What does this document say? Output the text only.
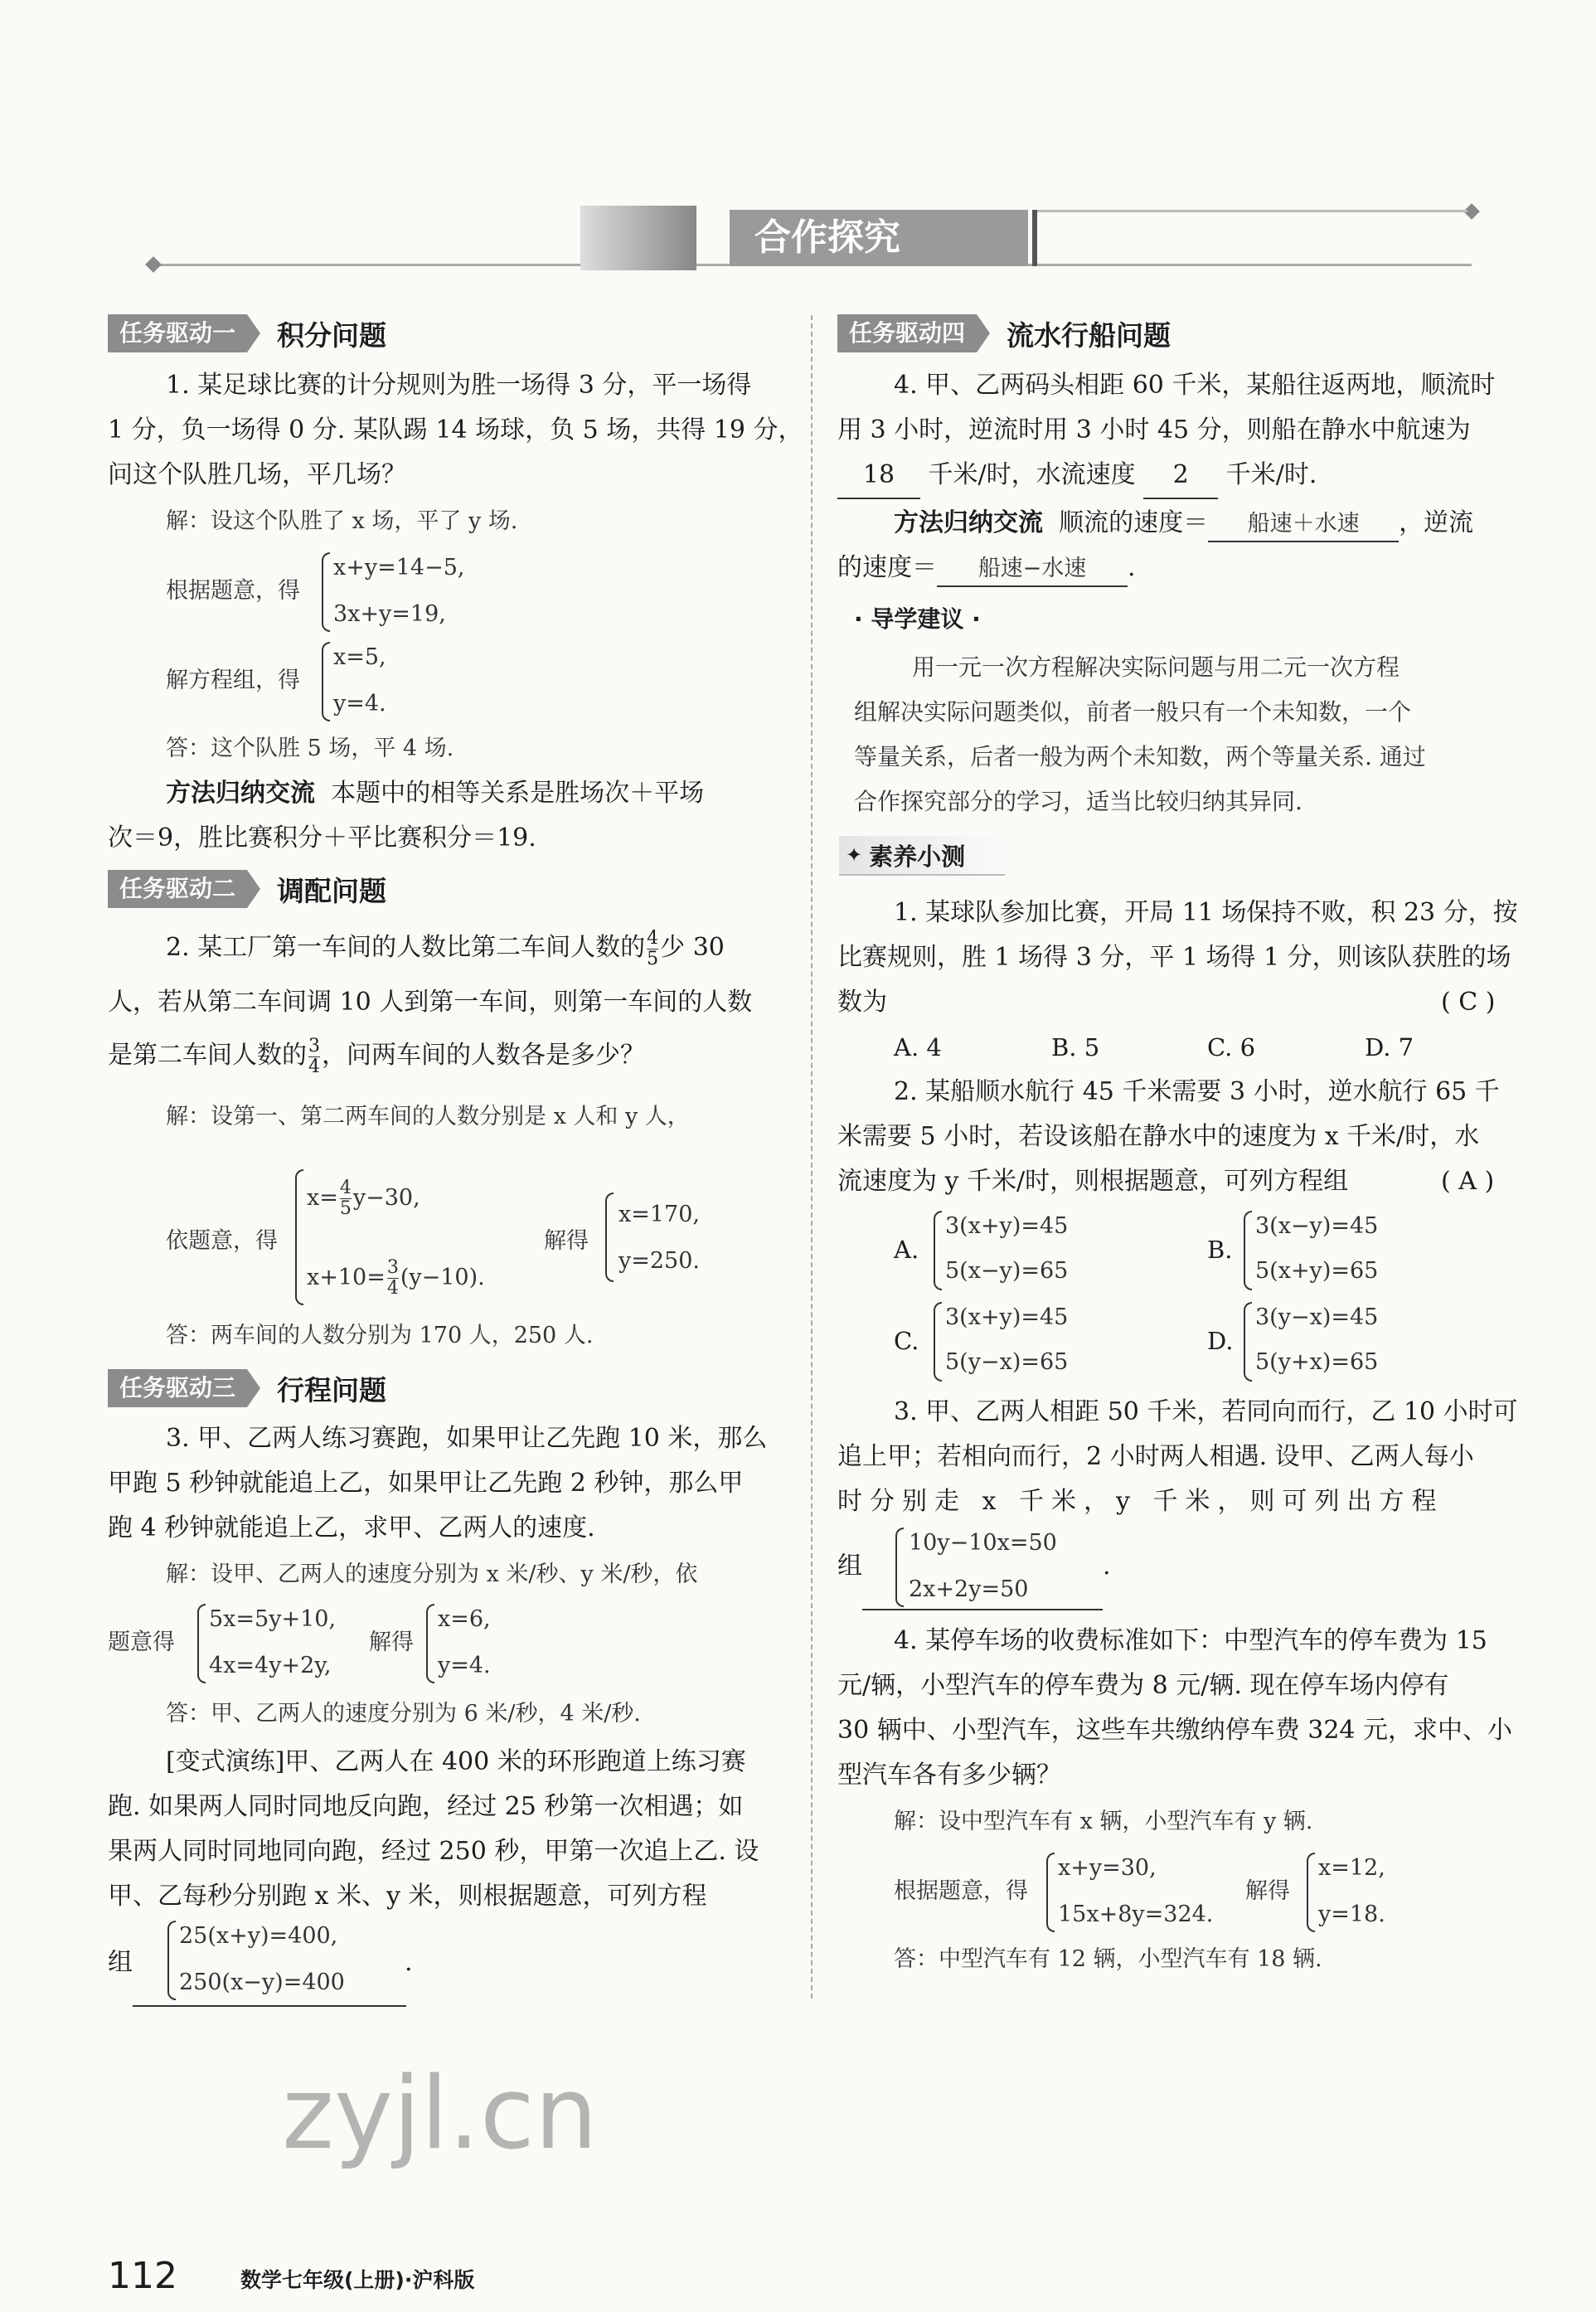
合作探究
任务驱动一	积分问题
1. 某足球比赛的计分规则为胜一场得 3 分，平一场得
1 分，负一场得 0 分. 某队踢 14 场球，负 5 场，共得 19 分，
问这个队胜几场，平几场？
解：设这个队胜了 x 场，平了 y 场.
根据题意，得
x+y=14−5,
3x+y=19,
解方程组，得
x=5,
y=4.
答：这个队胜 5 场，平 4 场.
方法归纳交流 本题中的相等关系是胜场次＋平场
次＝9，胜比赛积分＋平比赛积分＝19.
任务驱动二	调配问题
2. 某工厂第一车间的人数比第二车间人数的 $\frac{4}{5}$ 少 30
人，若从第二车间调 10 人到第一车间，则第一车间的人数
是第二车间人数的 $\frac{3}{4}$ ，问两车间的人数各是多少？
解：设第一、第二两车间的人数分别是 x 人和 y 人，
依题意，得
$x= \frac{4}{5} y-30$,
$x+10= \frac{3}{4} (y-10)$.
解得
x=170,
y=250.
答：两车间的人数分别为 170 人，250 人.
任务驱动三	行程问题
3. 甲、乙两人练习赛跑，如果甲让乙先跑 10 米，那么
甲跑 5 秒钟就能追上乙，如果甲让乙先跑 2 秒钟，那么甲
跑 4 秒钟就能追上乙，求甲、乙两人的速度.
解：设甲、乙两人的速度分别为 x 米/秒、y 米/秒，依
题意得
5x=5y+10,
4x=4y+2y,
解得
x=6,
y=4.
答：甲、乙两人的速度分别为 6 米/秒，4 米/秒.
[变式演练]甲、乙两人在 400 米的环形跑道上练习赛
跑. 如果两人同时同地反向跑，经过 25 秒第一次相遇；如
果两人同时同地同向跑，经过 250 秒，甲第一次追上乙. 设
甲、乙每秒分别跑 x 米、y 米，则根据题意，可列方程
组
25(x+y)=400,
250(x−y)=400
.
任务驱动四	流水行船问题
4. 甲、乙两码头相距 60 千米，某船往返两地，顺流时
用 3 小时，逆流时用 3 小时 45 分，则船在静水中航速为
18 千米/时，水流速度 2 千米/时.
方法归纳交流 顺流的速度＝ 船速＋水速 ，逆流
的速度＝ 船速−水速 .
· 导学建议 ·
用一元一次方程解决实际问题与用二元一次方程
组解决实际问题类似，前者一般只有一个未知数，一个
等量关系，后者一般为两个未知数，两个等量关系. 通过
合作探究部分的学习，适当比较归纳其异同.
✦ 素养小测
1. 某球队参加比赛，开局 11 场保持不败，积 23 分，按
比赛规则，胜 1 场得 3 分，平 1 场得 1 分，则该队获胜的场
数为	( C )
A. 4	B. 5	C. 6	D. 7
2. 某船顺水航行 45 千米需要 3 小时，逆水航行 65 千
米需要 5 小时，若设该船在静水中的速度为 x 千米/时，水
流速度为 y 千米/时，则根据题意，可列方程组	( A )
A.
3(x+y)=45
5(x−y)=65
B.
3(x−y)=45
5(x+y)=65
C.
3(x+y)=45
5(y−x)=65
D.
3(y−x)=45
5(y+x)=65
3. 甲、乙两人相距 50 千米，若同向而行，乙 10 小时可
追上甲；若相向而行，2 小时两人相遇. 设甲、乙两人每小
时分别走 x 千米，y 千米，则可列出方程
组
10y−10x=50
2x+2y=50
.
4. 某停车场的收费标准如下：中型汽车的停车费为 15
元/辆，小型汽车的停车费为 8 元/辆. 现在停车场内停有
30 辆中、小型汽车，这些车共缴纳停车费 324 元，求中、小
型汽车各有多少辆？
解：设中型汽车有 x 辆，小型汽车有 y 辆.
根据题意，得
x+y=30,
15x+8y=324.
解得
x=12,
y=18.
答：中型汽车有 12 辆，小型汽车有 18 辆.
zyjl.cn
112	数学七年级(上册)·沪科版
